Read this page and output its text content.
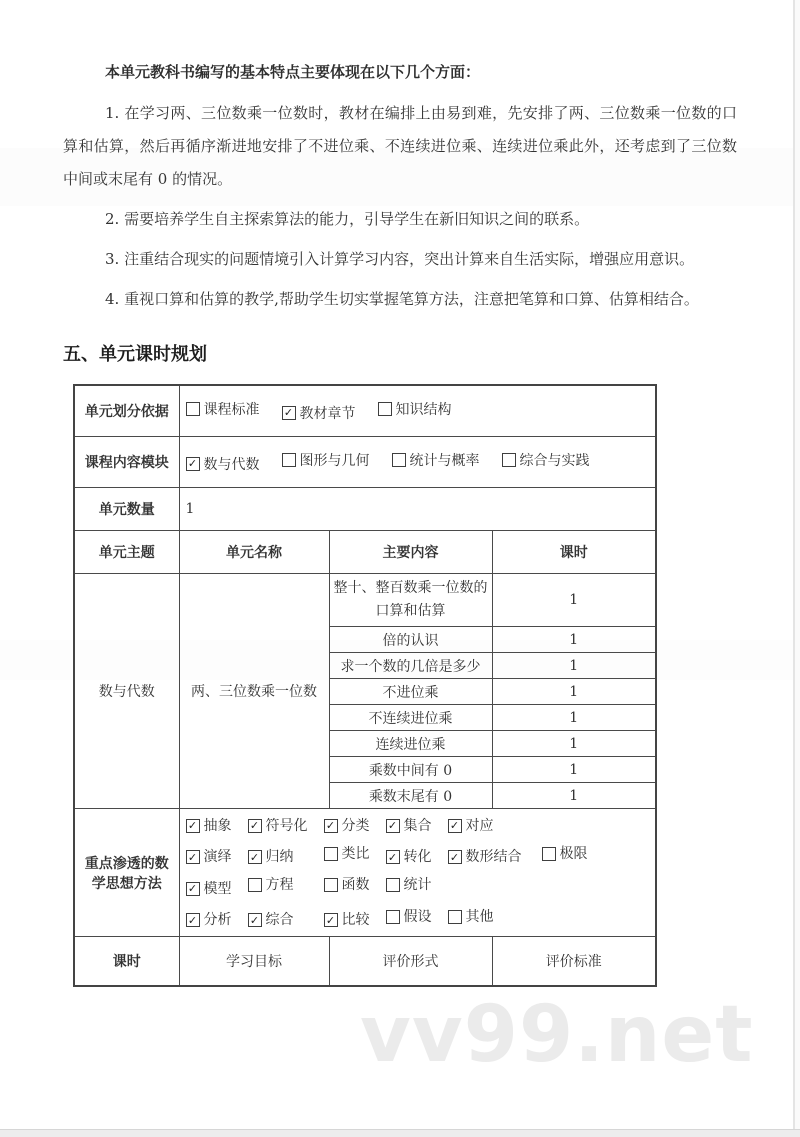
vv99.net

本单元教科书编写的基本特点主要体现在以下几个方面：

1. 在学习两、三位数乘一位数时，教材在编排上由易到难，先安排了两、三位数乘一位数的口算和估算，然后再循序渐进地安排了不进位乘、不连续进位乘、连续进位乘此外，还考虑到了三位数中间或末尾有 0 的情况。

2. 需要培养学生自主探索算法的能力，引导学生在新旧知识之间的联系。

3. 注重结合现实的问题情境引入计算学习内容，突出计算来自生活实际，增强应用意识。

4. 重视口算和估算的教学,帮助学生切实掌握笔算方法，注意把笔算和口算、估算相结合。

五、单元课时规划
单元划分依据	课程标准 ✓ 教材章节 知识结构		

课程内容模块	✓ 数与代数 图形与几何 统计与概率 综合与实践		

单元数量	1		
单元主题	单元名称	主要内容	课时
数与代数	两、三位数乘一位数	整十、整百数乘一位数的口算和估算	1
		倍的认识	1
		求一个数的几倍是多少	1
		不进位乘	1
		不连续进位乘	1
		连续进位乘	1
		乘数中间有 0	1
		乘数末尾有 0	1
重点渗透的数学思想方法	
✓ 抽象 ✓ 符号化 ✓ 分类 ✓ 集合 ✓ 对应
✓ 演绎 ✓ 归纳	类比 ✓ 转化 ✓ 数形结合	极限
✓ 模型 方程	函数 统计
✓ 分析 ✓ 综合	✓ 比较 假设 其他

课时	学习目标	评价形式	评价标准
